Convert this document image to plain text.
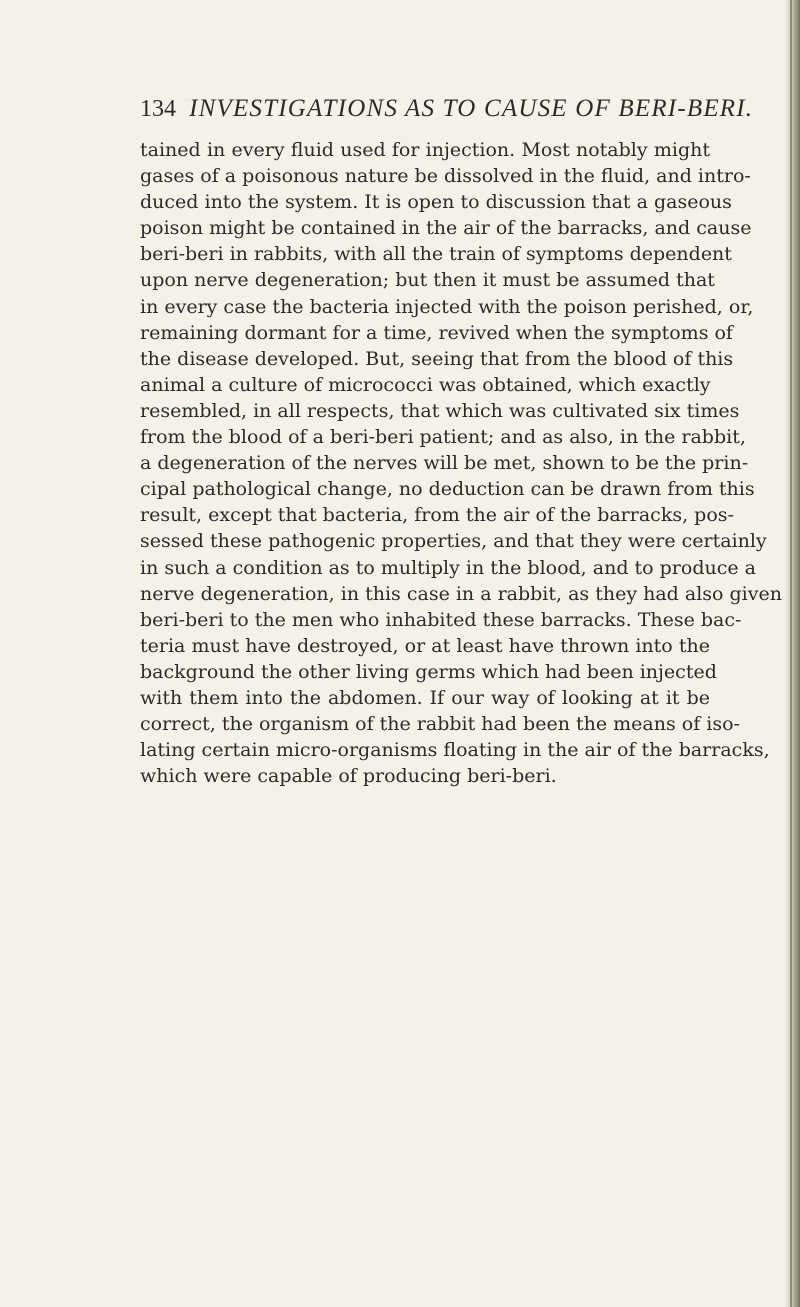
134 INVESTIGATIONS AS TO CAUSE OF BERI-BERI.
tained in every fluid used for injection. Most notably might
gases of a poisonous nature be dissolved in the fluid, and intro-
duced into the system. It is open to discussion that a gaseous
poison might be contained in the air of the barracks, and cause
beri-beri in rabbits, with all the train of symptoms dependent
upon nerve degeneration; but then it must be assumed that
in every case the bacteria injected with the poison perished, or,
remaining dormant for a time, revived when the symptoms of
the disease developed. But, seeing that from the blood of this
animal a culture of micrococci was obtained, which exactly
resembled, in all respects, that which was cultivated six times
from the blood of a beri-beri patient; and as also, in the rabbit,
a degeneration of the nerves will be met, shown to be the prin-
cipal pathological change, no deduction can be drawn from this
result, except that bacteria, from the air of the barracks, pos-
sessed these pathogenic properties, and that they were certainly
in such a condition as to multiply in the blood, and to produce a
nerve degeneration, in this case in a rabbit, as they had also given
beri-beri to the men who inhabited these barracks. These bac-
teria must have destroyed, or at least have thrown into the
background the other living germs which had been injected
with them into the abdomen. If our way of looking at it be
correct, the organism of the rabbit had been the means of iso-
lating certain micro-organisms floating in the air of the barracks,
which were capable of producing beri-beri.
